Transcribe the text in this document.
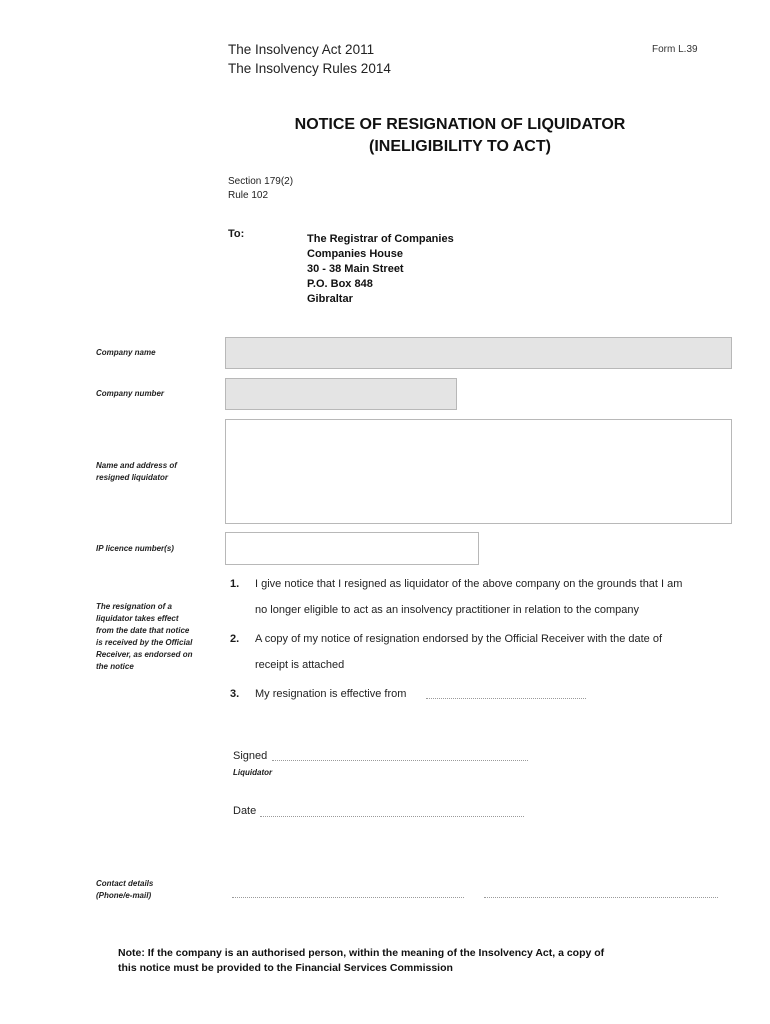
The Insolvency Act 2011
The Insolvency Rules 2014
Form L.39
NOTICE OF RESIGNATION OF LIQUIDATOR
(INELIGIBILITY TO ACT)
Section 179(2)
Rule 102
To:	The Registrar of Companies
Companies House
30 - 38 Main Street
P.O. Box 848
Gibraltar
Company name
Company number
Name and address of
resigned liquidator
IP licence number(s)
The resignation of a
liquidator takes effect
from the date that notice
is received by the Official
Receiver, as endorsed on
the notice
1. I give notice that I resigned as liquidator of the above company on the grounds that I am
no longer eligible to act as an insolvency practitioner in relation to the company
2. A copy of my notice of resignation endorsed by the Official Receiver with the date of
receipt is attached
3. My resignation is effective from
Signed
Liquidator
Date
Contact details
(Phone/e-mail)
Note: If the company is an authorised person, within the meaning of the Insolvency Act, a copy of
this notice must be provided to the Financial Services Commission
